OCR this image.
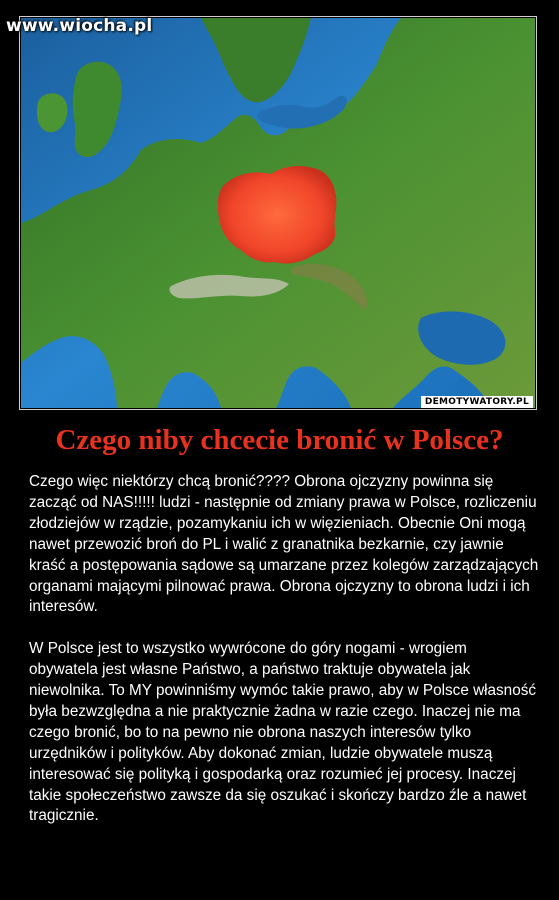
www.wiocha.pl
DEMOTYWATORY.PL
Czego niby chcecie bronić w Polsce?

Czego więc niektórzy chcą bronić???? Obrona ojczyzny powinna się zacząć od NAS!!!!! ludzi - następnie od zmiany prawa w Polsce, rozliczeniu złodziejów w rządzie, pozamykaniu ich w więzieniach. Obecnie Oni mogą nawet przewozić broń do PL i walić z granatnika bezkarnie, czy jawnie kraść a postępowania sądowe są umarzane przez kolegów zarządzających organami mającymi pilnować prawa. Obrona ojczyzny to obrona ludzi i ich interesów.

W Polsce jest to wszystko wywrócone do góry nogami - wrogiem obywatela jest własne Państwo, a państwo traktuje obywatela jak niewolnika. To MY powinniśmy wymóc takie prawo, aby w Polsce własność była bezwzględna a nie praktycznie żadna w razie czego. Inaczej nie ma czego bronić, bo to na pewno nie obrona naszych interesów tylko urzędników i polityków. Aby dokonać zmian, ludzie obywatele muszą interesować się polityką i gospodarką oraz rozumieć jej procesy. Inaczej takie społeczeństwo zawsze da się oszukać i skończy bardzo źle a nawet tragicznie.
